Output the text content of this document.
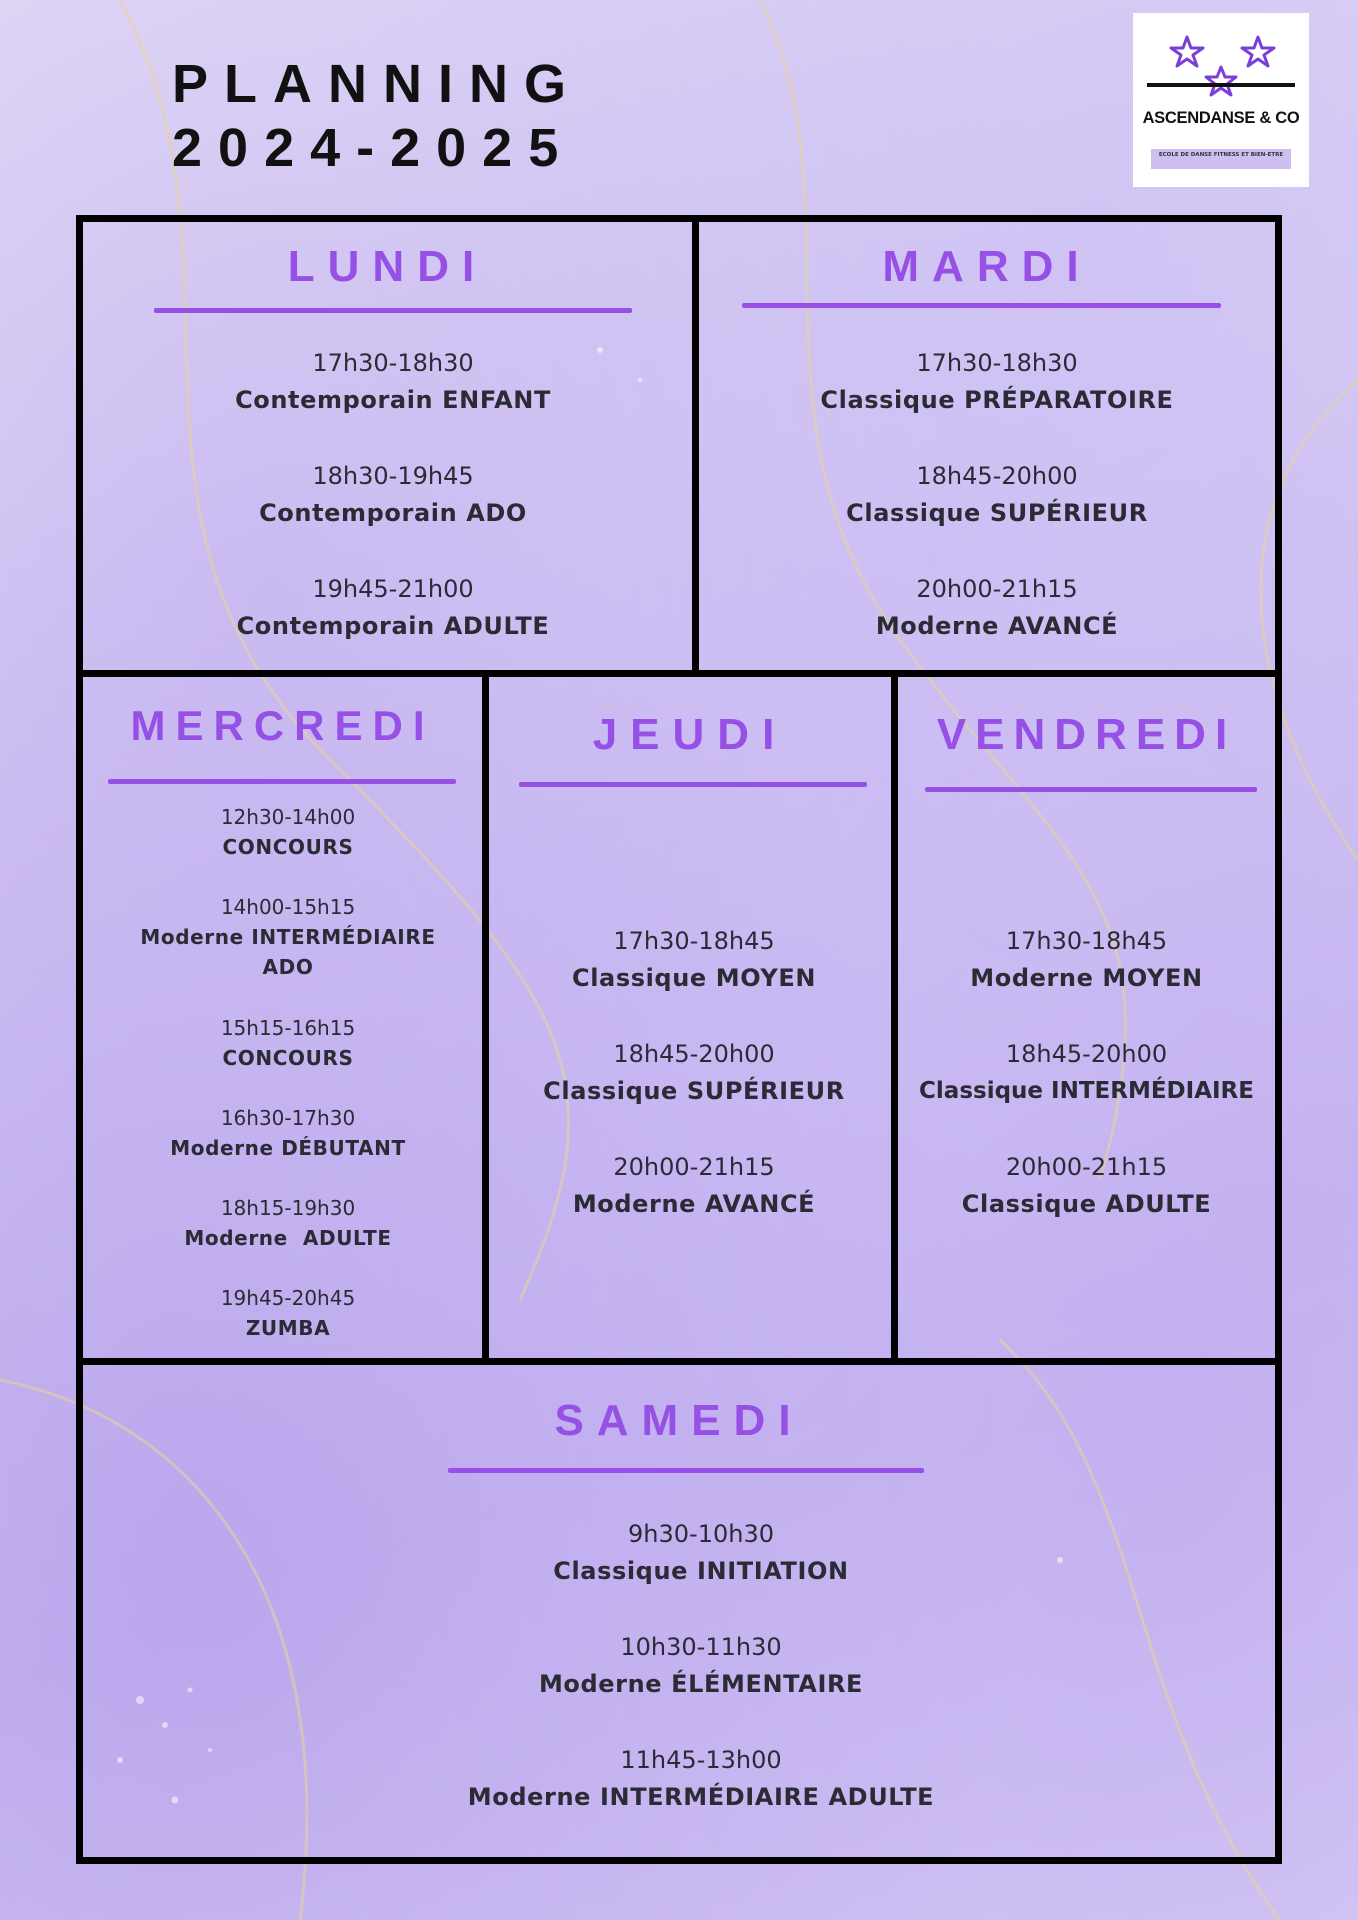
PLANNING
2024-2025	ASCENDANSE & CO
ECOLE DE DANSE FITNESS ET BIEN-ETRE
LUNDI
17h30-18h30
Contemporain ENFANT
18h30-19h45
Contemporain ADO
19h45-21h00
Contemporain ADULTE
MARDI
17h30-18h30
Classique PRÉPARATOIRE
18h45-20h00
Classique SUPÉRIEUR
20h00-21h15
Moderne AVANCÉ
MERCREDI
12h30-14h00
CONCOURS
14h00-15h15
Moderne INTERMÉDIAIRE
ADO
15h15-16h15
CONCOURS
16h30-17h30
Moderne DÉBUTANT
18h15-19h30
Moderne  ADULTE
19h45-20h45
ZUMBA
JEUDI
17h30-18h45
Classique MOYEN
18h45-20h00
Classique SUPÉRIEUR
20h00-21h15
Moderne AVANCÉ
VENDREDI
17h30-18h45
Moderne MOYEN
18h45-20h00
Classique INTERMÉDIAIRE
20h00-21h15
Classique ADULTE
SAMEDI
9h30-10h30
Classique INITIATION
10h30-11h30
Moderne ÉLÉMENTAIRE
11h45-13h00
Moderne INTERMÉDIAIRE ADULTE
